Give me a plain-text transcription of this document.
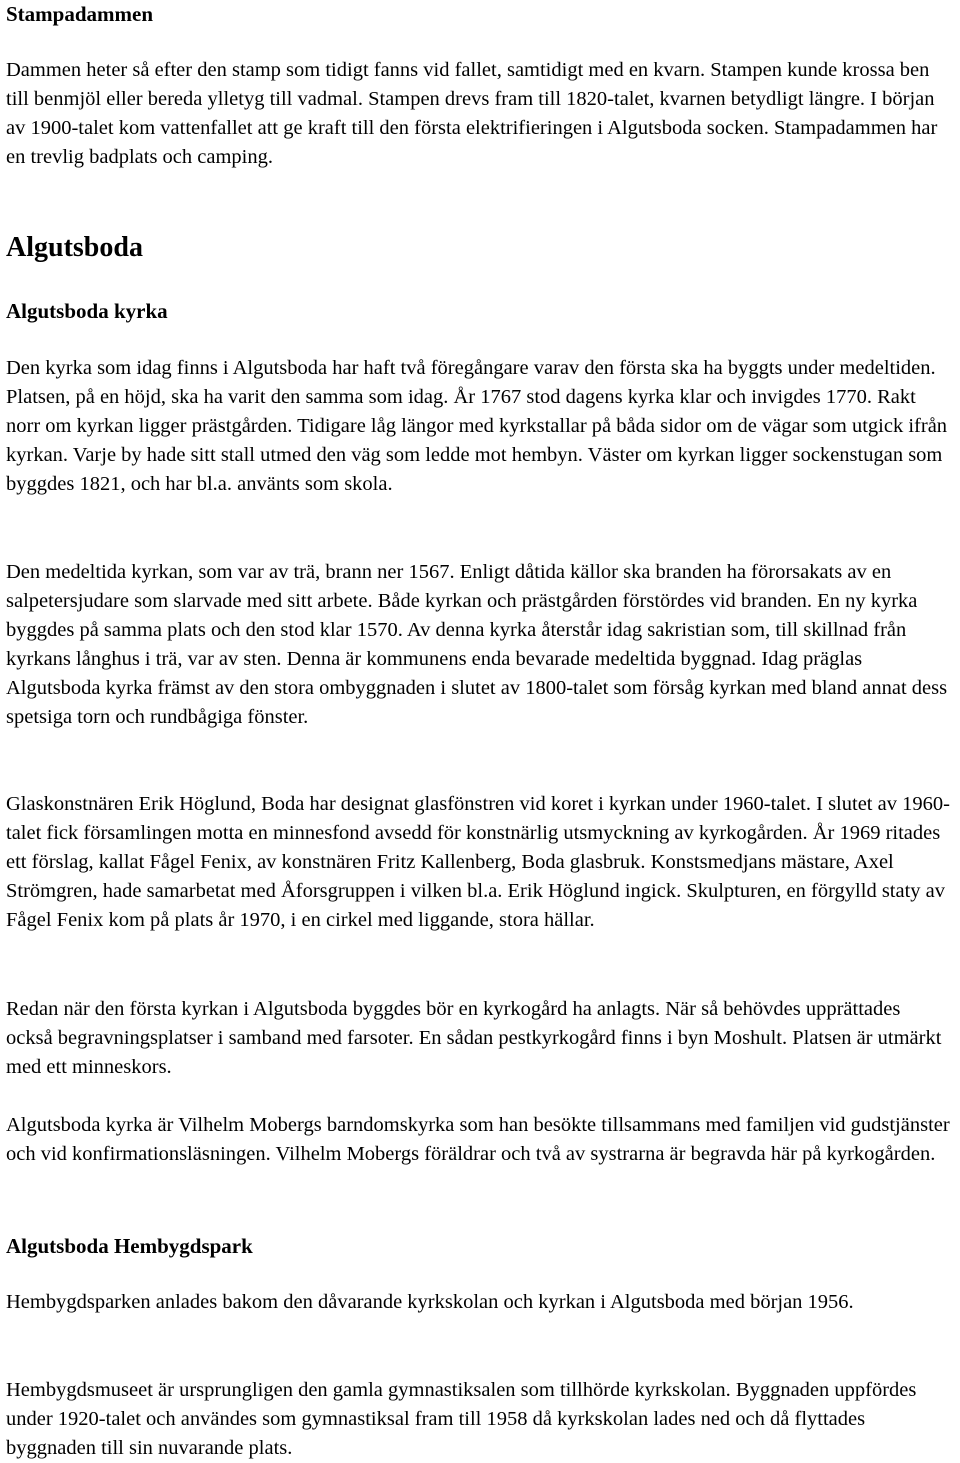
Stampadammen

Dammen heter så efter den stamp som tidigt fanns vid fallet, samtidigt med en kvarn. Stampen kunde krossa ben till benmjöl eller bereda ylletyg till vadmal. Stampen drevs fram till 1820-talet, kvarnen betydligt längre. I början av 1900-talet kom vattenfallet att ge kraft till den första elektrifieringen i Algutsboda socken. Stampadammen har en trevlig badplats och camping.

Algutsboda
Algutsboda kyrka

Den kyrka som idag finns i Algutsboda har haft två föregångare varav den första ska ha byggts under medeltiden. Platsen, på en höjd, ska ha varit den samma som idag. År 1767 stod dagens kyrka klar och invigdes 1770. Rakt norr om kyrkan ligger prästgården. Tidigare låg längor med kyrkstallar på båda sidor om de vägar som utgick ifrån kyrkan. Varje by hade sitt stall utmed den väg som ledde mot hembyn. Väster om kyrkan ligger sockenstugan som byggdes 1821, och har bl.a. använts som skola.

Den medeltida kyrkan, som var av trä, brann ner 1567. Enligt dåtida källor ska branden ha förorsakats av en salpetersjudare som slarvade med sitt arbete. Både kyrkan och prästgården förstördes vid branden. En ny kyrka byggdes på samma plats och den stod klar 1570. Av denna kyrka återstår idag sakristian som, till skillnad från kyrkans långhus i trä, var av sten. Denna är kommunens enda bevarade medeltida byggnad. Idag präglas Algutsboda kyrka främst av den stora ombyggnaden i slutet av 1800-talet som försåg kyrkan med bland annat dess spetsiga torn och rundbågiga fönster.

Glaskonstnären Erik Höglund, Boda har designat glasfönstren vid koret i kyrkan under 1960-talet. I slutet av 1960-talet fick församlingen motta en minnesfond avsedd för konstnärlig utsmyckning av kyrkogården. År 1969 ritades ett förslag, kallat Fågel Fenix, av konstnären Fritz Kallenberg, Boda glasbruk. Konstsmedjans mästare, Axel Strömgren, hade samarbetat med Åforsgruppen i vilken bl.a. Erik Höglund ingick. Skulpturen, en förgylld staty av Fågel Fenix kom på plats år 1970, i en cirkel med liggande, stora hällar.

Redan när den första kyrkan i Algutsboda byggdes bör en kyrkogård ha anlagts. När så behövdes upprättades också begravningsplatser i samband med farsoter. En sådan pestkyrkogård finns i byn Moshult. Platsen är utmärkt med ett minneskors.

Algutsboda kyrka är Vilhelm Mobergs barndomskyrka som han besökte tillsammans med familjen vid gudstjänster och vid konfirmationsläsningen. Vilhelm Mobergs föräldrar och två av systrarna är begravda här på kyrkogården.

Algutsboda Hembygdspark

Hembygdsparken anlades bakom den dåvarande kyrkskolan och kyrkan i Algutsboda med början 1956.

Hembygdsmuseet är ursprungligen den gamla gymnastiksalen som tillhörde kyrkskolan. Byggnaden uppfördes under 1920-talet och användes som gymnastiksal fram till 1958 då kyrkskolan lades ned och då flyttades byggnaden till sin nuvarande plats.
